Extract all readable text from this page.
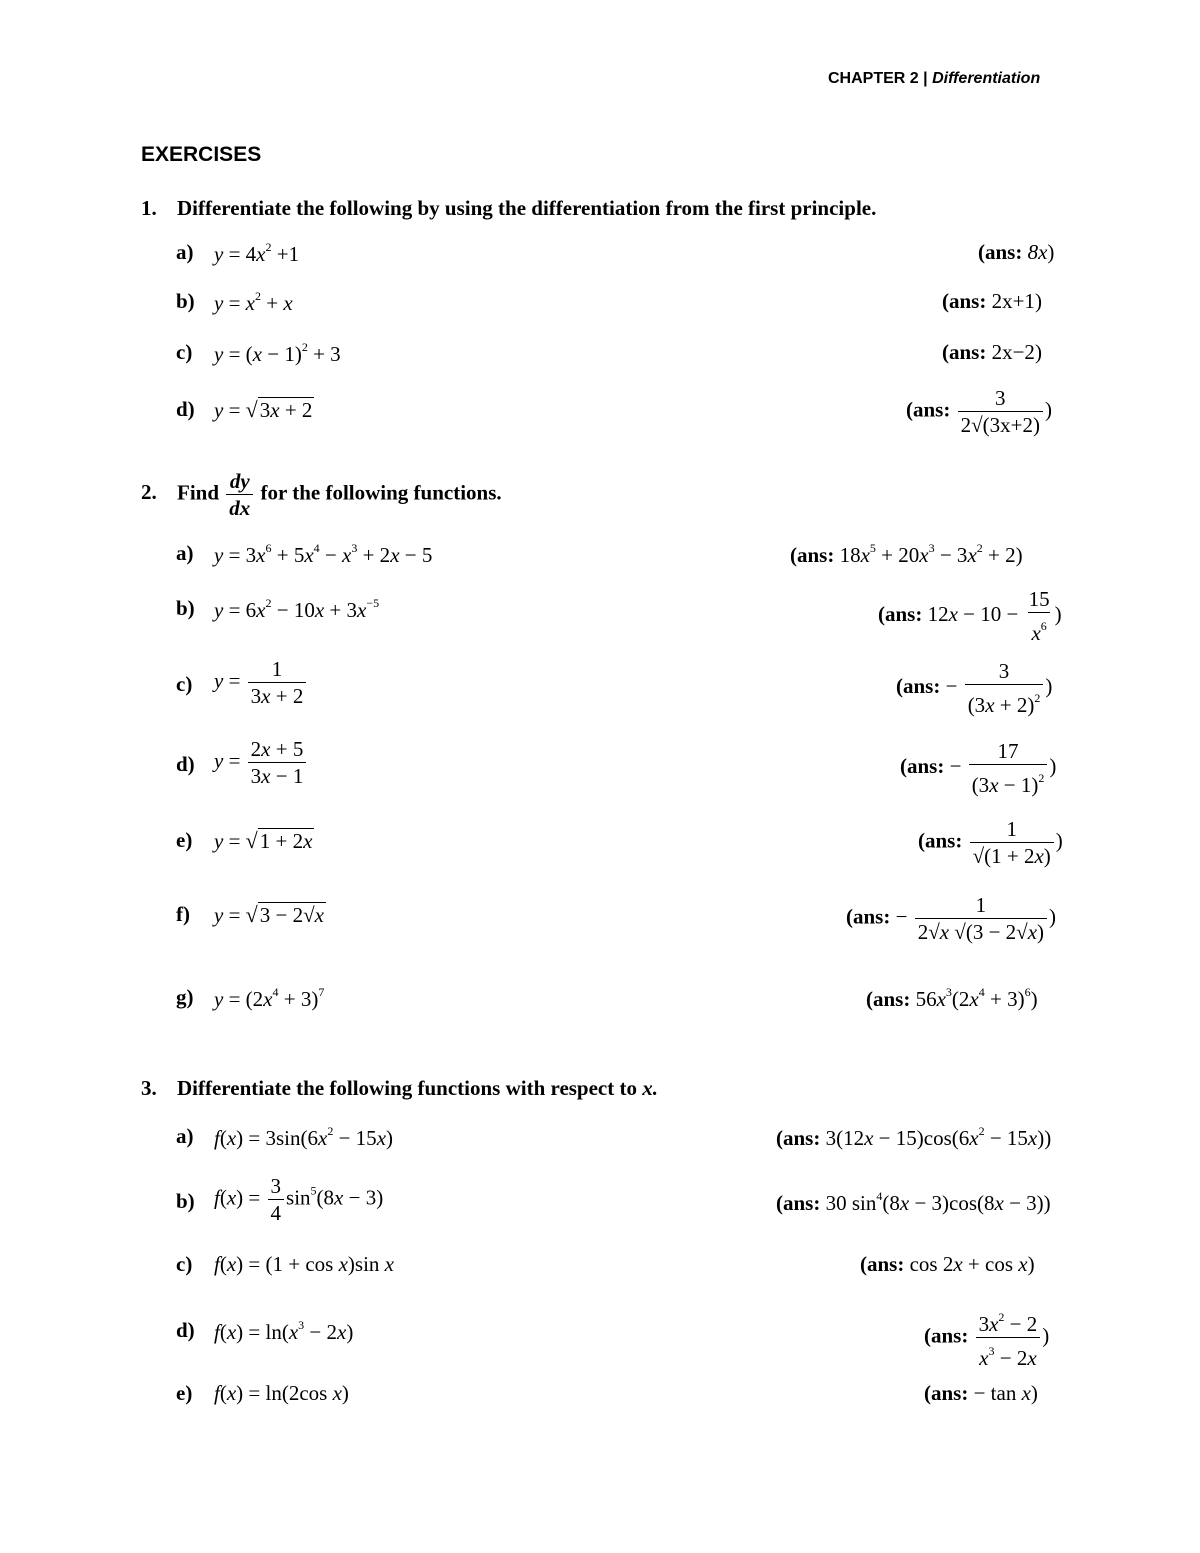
CHAPTER 2 | Differentiation
EXERCISES
1. Differentiate the following by using the differentiation from the first principle.
a) $y = 4x^2 +1$	(ans: 8x)
b) $y = x^2 + x$	(ans: 2x+1)
c) $y = (x - 1)^2 + 3$	(ans: 2x−2)
d) y = √3x + 2	(ans: $\frac{3}{2√(3x+2)}$ )
2. Find $\frac{dy}{dx}$ for the following functions.
a) $y = 3x^6 + 5x^4 - x^3 + 2x - 5$	(ans: $18x^5 + 20x^3 - 3x^2 + 2$)
b) $y = 6x^2 - 10x + 3x^{-5}$	(ans: $12x - 10 - \frac{15}{x^6}$ )
c) $y = \frac{1}{3x + 2}$	(ans: − $\frac{3}{(3x + 2)^2}$ )
d) $y = \frac{2x + 5}{3x - 1}$	(ans: − $\frac{17}{(3x - 1)^2}$ )
e) y = √1 + 2x	(ans: $\frac{1}{√(1 + 2x)}$ )
f) y = √3 − 2√x	(ans: − $\frac{1}{2√x √(3 - 2√x)}$ )
g) $y = (2x^4 + 3)^7$	(ans: $56x^3(2x^4 + 3)^6$)
3. Differentiate the following functions with respect to x.
a) $f(x) = 3\sin(6x^2 - 15x)$	(ans: $3(12x - 15)\cos(6x^2 - 15x)$)
b) $f(x) = \frac{3}{4} \sin^5(8x - 3)$	(ans: 30 $\sin^4(8x - 3)\cos(8x - 3)$)
c) f(x) = (1 + cos x)sin x	(ans: cos 2x + cos x)
d) $f(x) = \ln(x^3 - 2x)$	(ans: $\frac{3x^2 - 2}{x^3 - 2x}$ )
e) f(x) = ln(2cos x)	(ans: − tan x)
